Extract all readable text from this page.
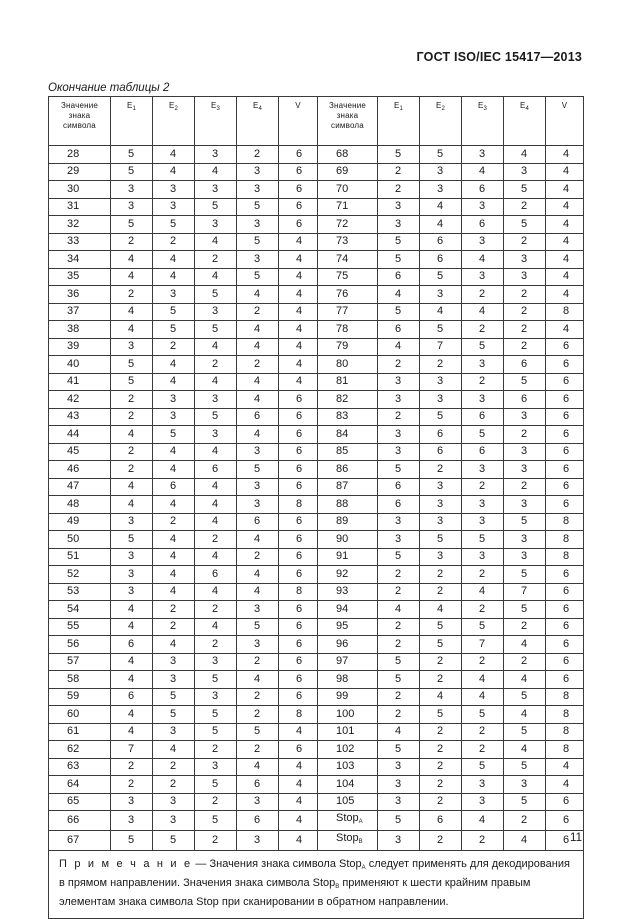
ГОСТ ISO/IEC 15417—2013
Окончание таблицы 2
Значение
знака
символа	$E_1$	$E_2$	$E_3$	$E_4$	V	Значение
знака
символа	$E_1$	$E_2$	$E_3$	$E_4$	V
28	5	4	3	2	6	68	5	5	3	4	4
29	5	4	4	3	6	69	2	3	4	3	4
30	3	3	3	3	6	70	2	3	6	5	4
31	3	3	5	5	6	71	3	4	3	2	4
32	5	5	3	3	6	72	3	4	6	5	4
33	2	2	4	5	4	73	5	6	3	2	4
34	4	4	2	3	4	74	5	6	4	3	4
35	4	4	4	5	4	75	6	5	3	3	4
36	2	3	5	4	4	76	4	3	2	2	4
37	4	5	3	2	4	77	5	4	4	2	8
38	4	5	5	4	4	78	6	5	2	2	4
39	3	2	4	4	4	79	4	7	5	2	6
40	5	4	2	2	4	80	2	2	3	6	6
41	5	4	4	4	4	81	3	3	2	5	6
42	2	3	3	4	6	82	3	3	3	6	6
43	2	3	5	6	6	83	2	5	6	3	6
44	4	5	3	4	6	84	3	6	5	2	6
45	2	4	4	3	6	85	3	6	6	3	6
46	2	4	6	5	6	86	5	2	3	3	6
47	4	6	4	3	6	87	6	3	2	2	6
48	4	4	4	3	8	88	6	3	3	3	6
49	3	2	4	6	6	89	3	3	3	5	8
50	5	4	2	4	6	90	3	5	5	3	8
51	3	4	4	2	6	91	5	3	3	3	8
52	3	4	6	4	6	92	2	2	2	5	6
53	3	4	4	4	8	93	2	2	4	7	6
54	4	2	2	3	6	94	4	4	2	5	6
55	4	2	4	5	6	95	2	5	5	2	6
56	6	4	2	3	6	96	2	5	7	4	6
57	4	3	3	2	6	97	5	2	2	2	6
58	4	3	5	4	6	98	5	2	4	4	6
59	6	5	3	2	6	99	2	4	4	5	8
60	4	5	5	2	8	100	2	5	5	4	8
61	4	3	5	5	4	101	4	2	2	5	8
62	7	4	2	2	6	102	5	2	2	4	8
63	2	2	3	4	4	103	3	2	5	5	4
64	2	2	5	6	4	104	3	2	3	3	4
65	3	3	2	3	4	105	3	2	3	5	6
66	3	3	5	6	4	Stop$_A$	5	6	4	2	6
67	5	5	2	3	4	Stop$_B$	3	2	2	4	6
П р и м е ч а н и е — Значения знака символа Stop$_A$ следует применять для декодирования в прямом направлении. Значения знака символа Stop$_B$ применяют к шести крайним правым элементам знака символа Stop при сканировании в обратном направлении.											
11
